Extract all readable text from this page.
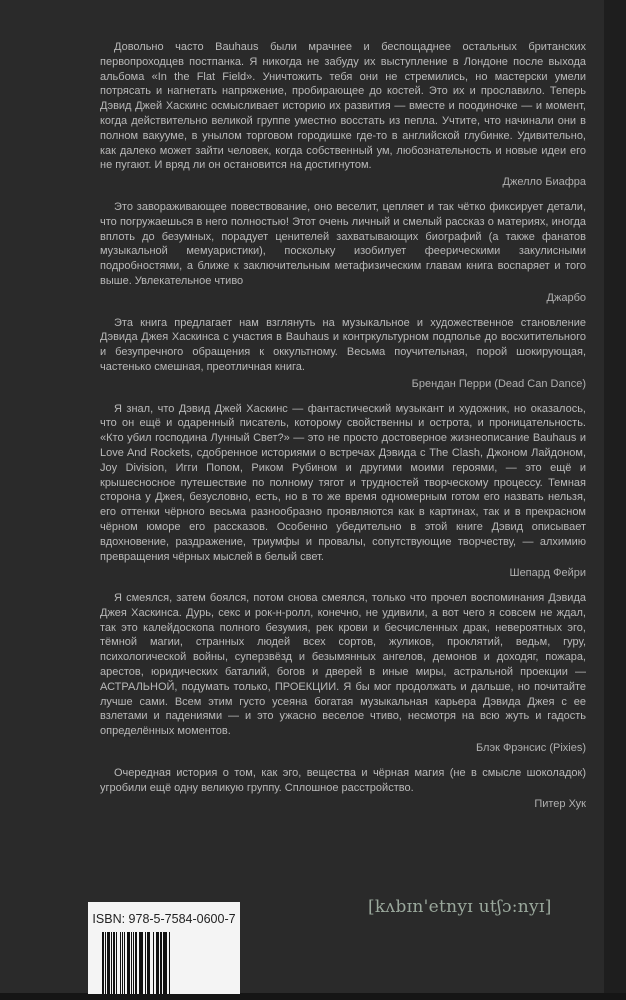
Довольно часто Bauhaus были мрачнее и беспощаднее остальных британских первопроходцев постпанка. Я никогда не забуду их выступление в Лондоне после выхода альбома «In the Flat Field». Уничтожить тебя они не стремились, но мастерски умели потрясать и нагнетать напряжение, пробирающее до костей. Это их и прославило. Теперь Дэвид Джей Хаскинс осмысливает историю их развития — вместе и поодиночке — и момент, когда действительно великой группе уместно восстать из пепла. Учтите, что начинали они в полном вакууме, в унылом торговом городишке где-то в английской глубинке. Удивительно, как далеко может зайти человек, когда собственный ум, любознательность и новые идеи его не пугают. И вряд ли он остановится на достигнутом.

Джелло Биафра

Это завораживающее повествование, оно веселит, цепляет и так чётко фиксирует детали, что погружаешься в него полностью! Этот очень личный и смелый рассказ о материях, иногда вплоть до безумных, порадует ценителей захватывающих биографий (а также фанатов музыкальной мемуаристики), поскольку изобилует феерическими закулисными подробностями, а ближе к заключительным метафизическим главам книга воспаряет и того выше. Увлекательное чтиво

Джарбо

Эта книга предлагает нам взглянуть на музыкальное и художественное становление Дэвида Джея Хаскинса с участия в Bauhaus и контркультурном подполье до восхитительного и безупречного обращения к оккультному. Весьма поучительная, порой шокирующая, частенько смешная, преотличная книга.

Брендан Перри (Dead Can Dance)

Я знал, что Дэвид Джей Хаскинс — фантастический музыкант и художник, но оказалось, что он ещё и одаренный писатель, которому свойственны и острота, и проницательность. «Кто убил господина Лунный Свет?» — это не просто достоверное жизнеописание Bauhaus и Love And Rockets, сдобренное историями о встречах Дэвида с The Clash, Джоном Лайдоном, Joy Division, Игги Попом, Риком Рубином и другими моими героями, — это ещё и крышесносное путешествие по полному тягот и трудностей творческому процессу. Темная сторона у Джея, безусловно, есть, но в то же время одномерным готом его назвать нельзя, его оттенки чёрного весьма разнообразно проявляются как в картинах, так и в прекрасном чёрном юморе его рассказов. Особенно убедительно в этой книге Дэвид описывает вдохновение, раздражение, триумфы и провалы, сопутствующие творчеству, — алхимию превращения чёрных мыслей в белый свет.

Шепард Фейри

Я смеялся, затем боялся, потом снова смеялся, только что прочел воспоминания Дэвида Джея Хаскинса. Дурь, секс и рок-н-ролл, конечно, не удивили, а вот чего я совсем не ждал, так это калейдоскопа полного безумия, рек крови и бесчисленных драк, невероятных эго, тёмной магии, странных людей всех сортов, жуликов, проклятий, ведьм, гуру, психологической войны, суперзвёзд и безымянных ангелов, демонов и доходяг, пожара, арестов, юридических баталий, богов и дверей в иные миры, астральной проекции — АСТРАЛЬНОЙ, подумать только, ПРОЕКЦИИ. Я бы мог продолжать и дальше, но почитайте лучше сами. Всем этим густо усеяна богатая музыкальная карьера Дэвида Джея с ее взлетами и падениями — и это ужасно веселое чтиво, несмотря на всю жуть и гадость определённых моментов.

Блэк Фрэнсис (Pixies)

Очередная история о том, как эго, вещества и чёрная магия (не в смысле шоколадок) угробили ещё одну великую группу. Сплошное расстройство.

Питер Хук

ISBN: 978-5-7584-0600-7
[kʌbɪn'etnyɪ utʃɔ:nyɪ]
